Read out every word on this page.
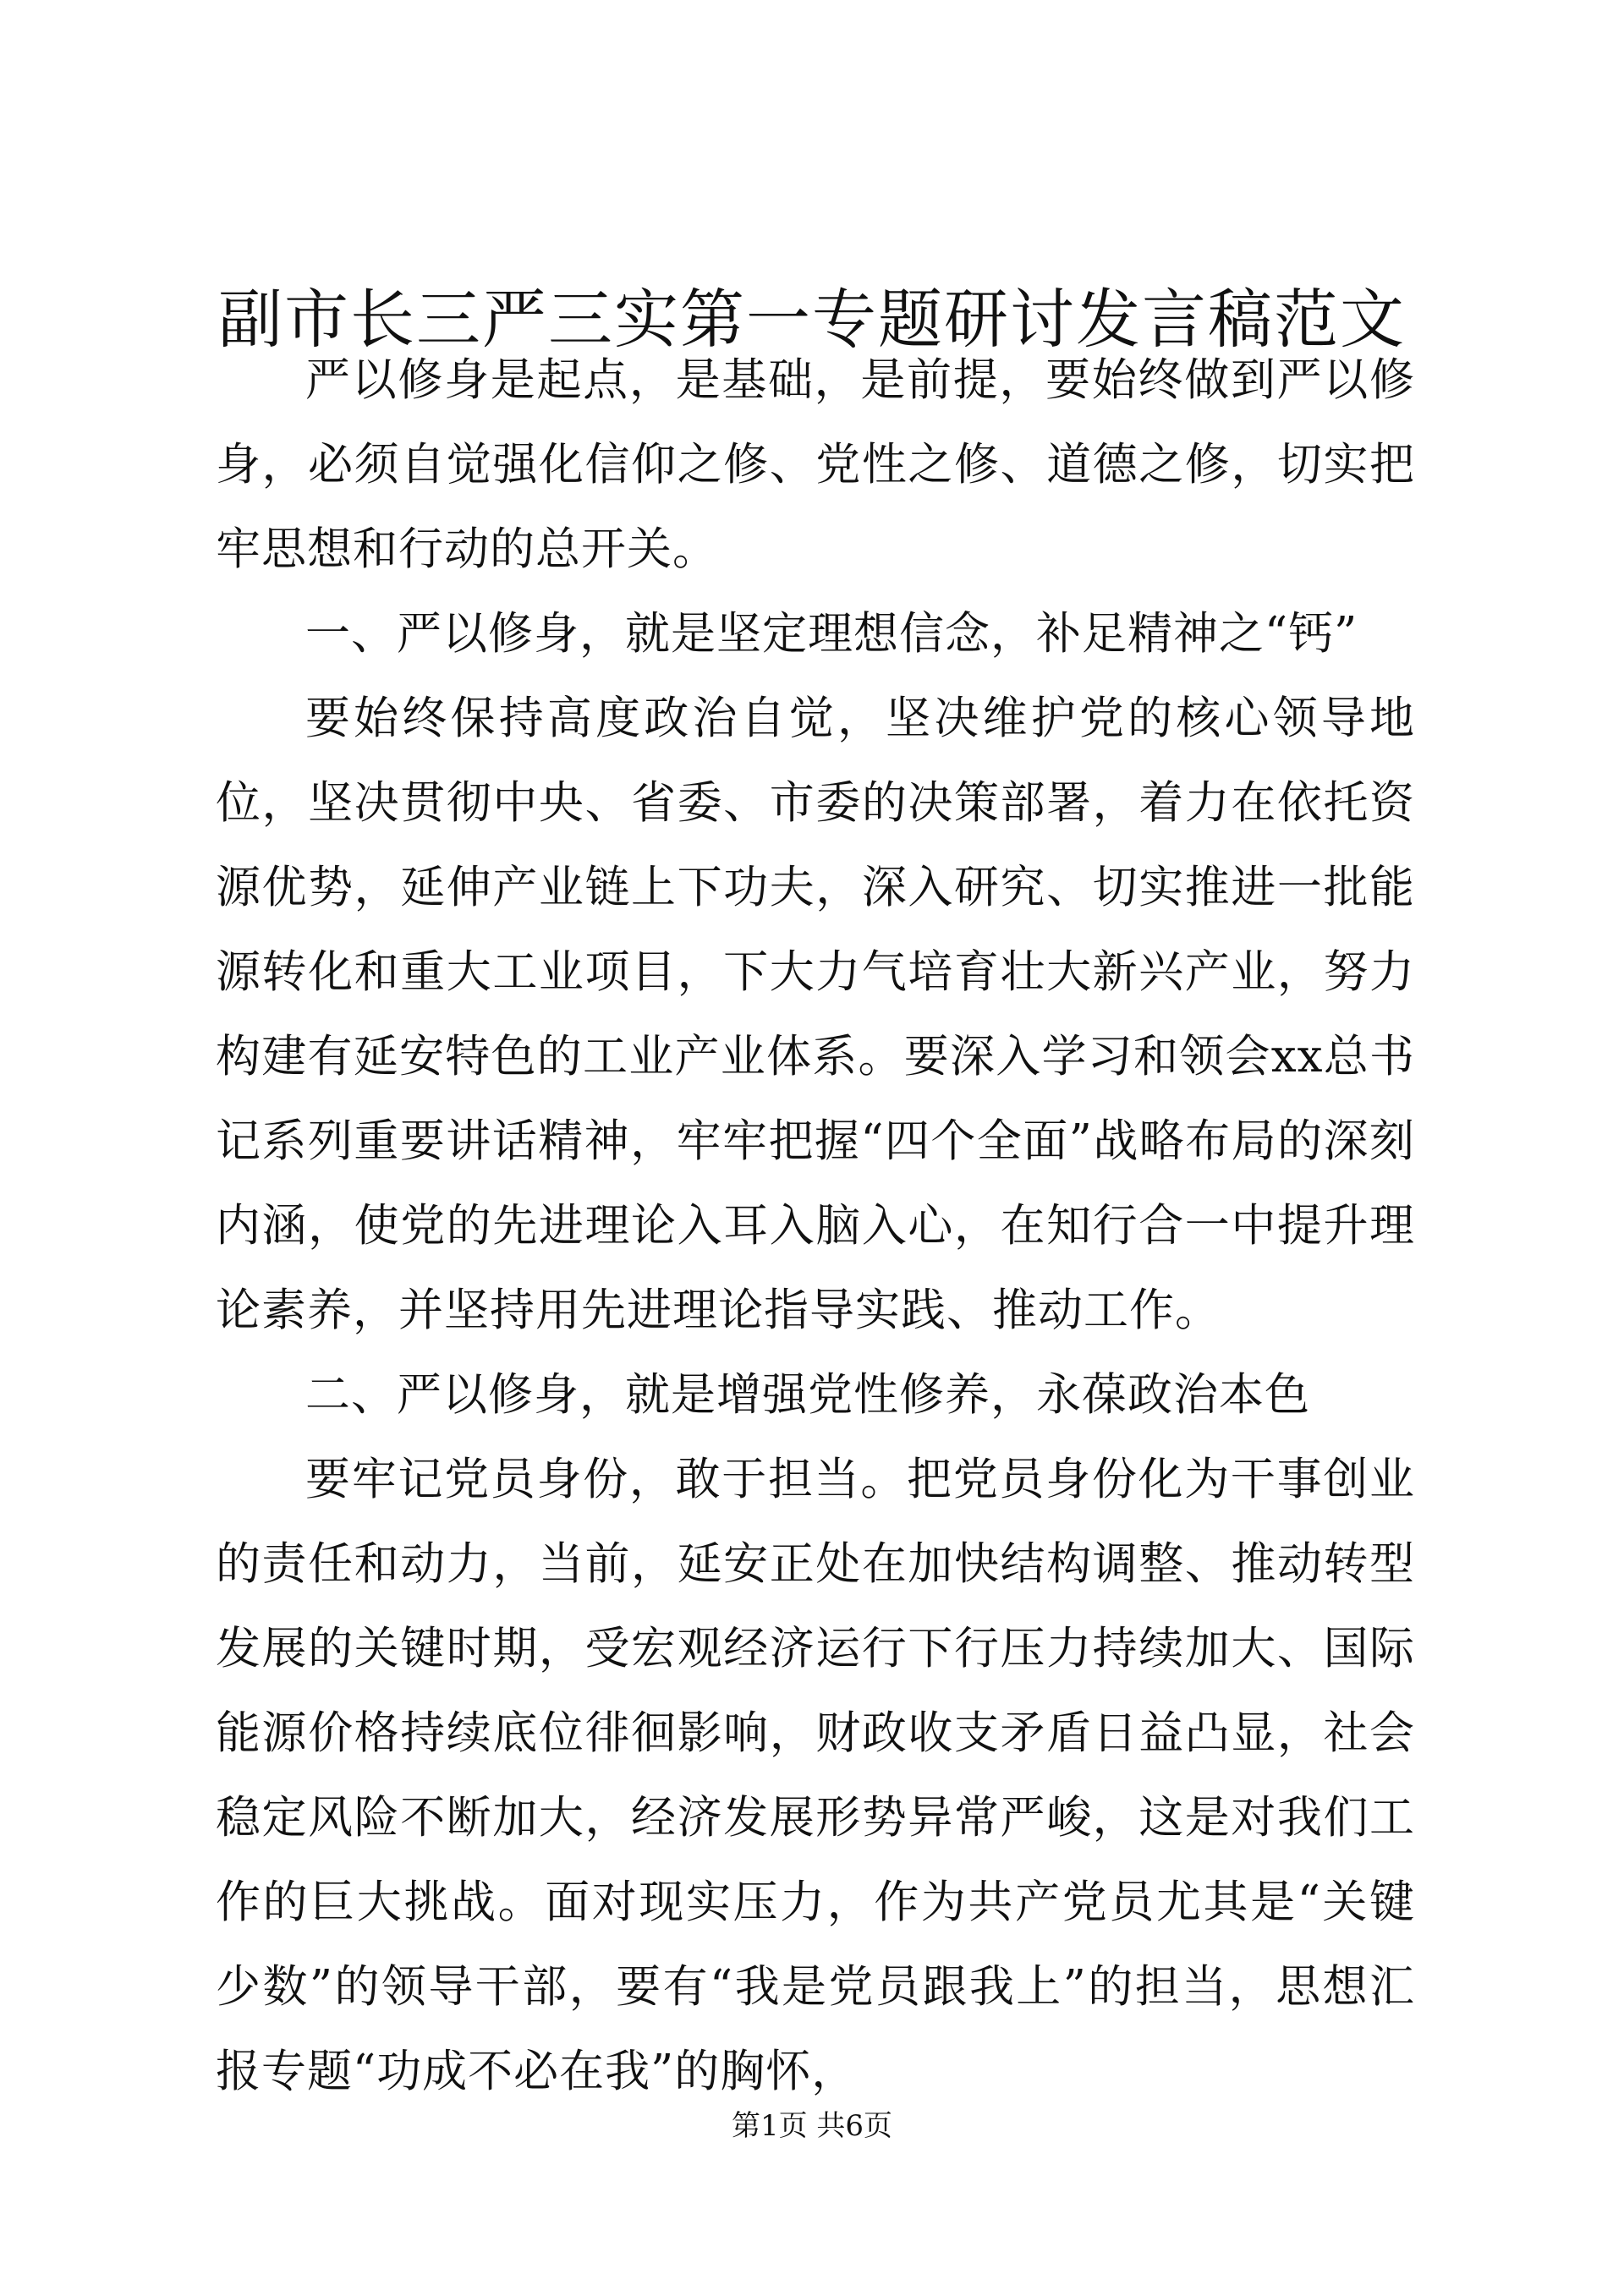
副市长三严三实第一专题研讨发言稿范文

严以修身是起点，是基础，是前提，要始终做到严以修身，必须自觉强化信仰之修、党性之修、道德之修，切实把牢思想和行动的总开关。

一、严以修身，就是坚定理想信念，补足精神之“钙”

要始终保持高度政治自觉，坚决维护党的核心领导地位，坚决贯彻中央、省委、市委的决策部署，着力在依托资源优势，延伸产业链上下功夫，深入研究、切实推进一批能源转化和重大工业项目，下大力气培育壮大新兴产业，努力构建有延安特色的工业产业体系。要深入学习和领会xx总书记系列重要讲话精神，牢牢把握“四个全面”战略布局的深刻内涵，使党的先进理论入耳入脑入心，在知行合一中提升理论素养，并坚持用先进理论指导实践、推动工作。

二、严以修身，就是增强党性修养，永葆政治本色

要牢记党员身份，敢于担当。把党员身份化为干事创业的责任和动力，当前，延安正处在加快结构调整、推动转型发展的关键时期，受宏观经济运行下行压力持续加大、国际能源价格持续底位徘徊影响，财政收支矛盾日益凸显，社会稳定风险不断加大，经济发展形势异常严峻，这是对我们工作的巨大挑战。面对现实压力，作为共产党员尤其是“关键少数”的领导干部，要有“我是党员跟我上”的担当，思想汇报专题“功成不必在我”的胸怀，

第1页 共6页
